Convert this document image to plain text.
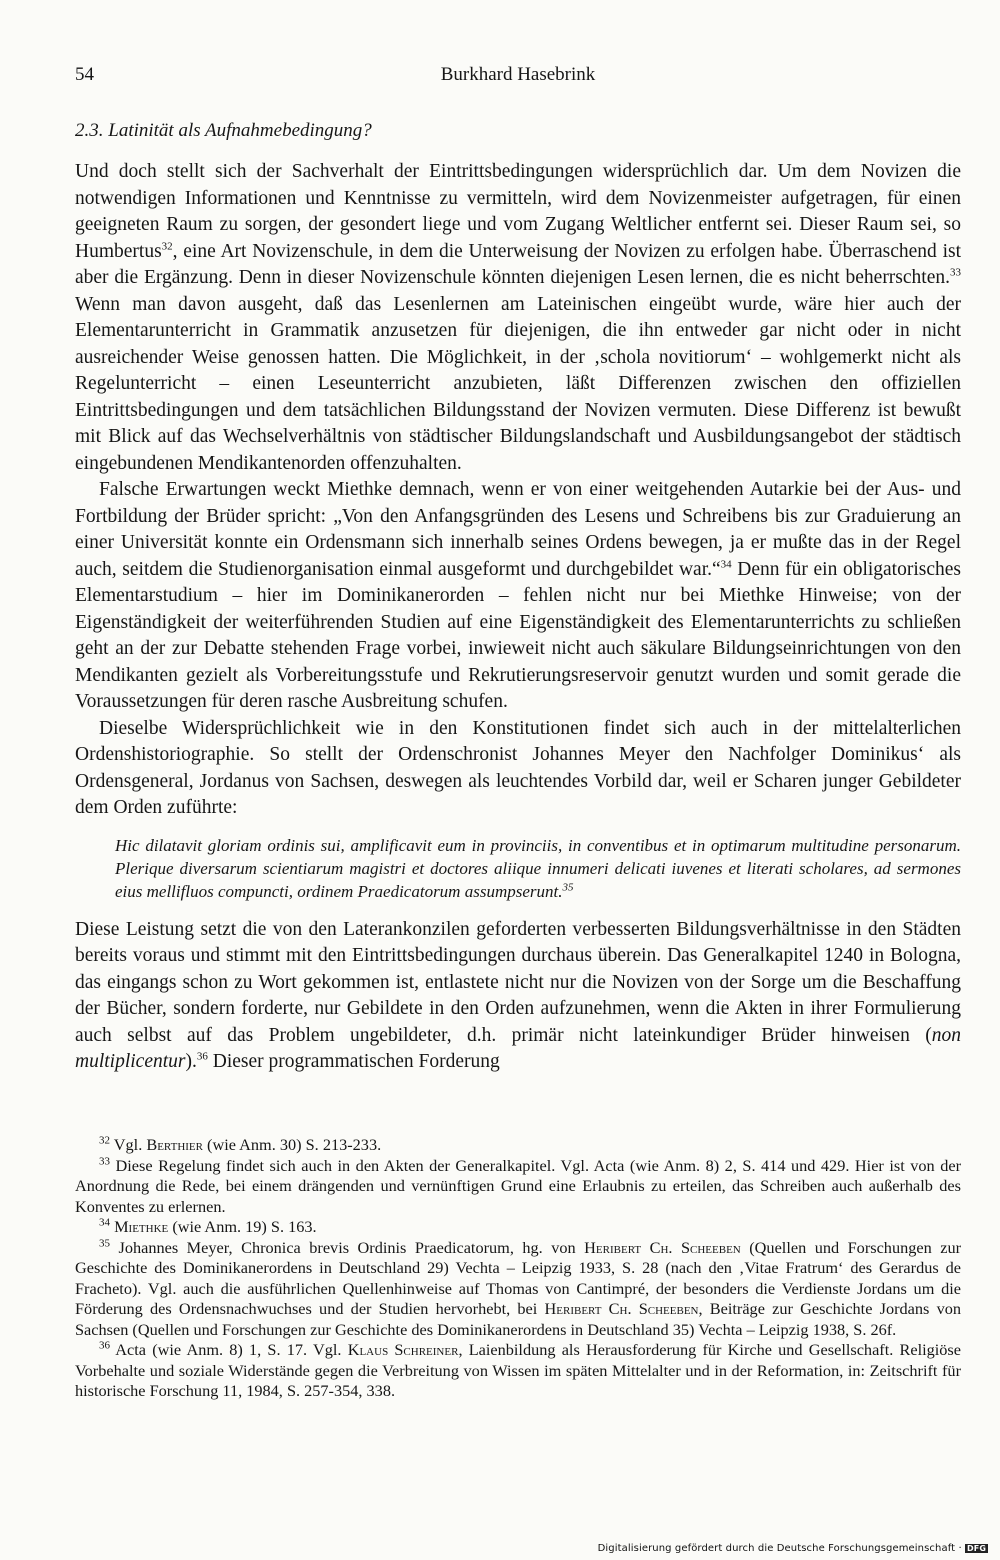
54	Burkhard Hasebrink
2.3. Latinität als Aufnahmebedingung?

Und doch stellt sich der Sachverhalt der Eintrittsbedingungen widersprüchlich dar. Um dem Novizen die notwendigen Informationen und Kenntnisse zu vermitteln, wird dem Novizenmeister aufgetragen, für einen geeigneten Raum zu sorgen, der gesondert liege und vom Zugang Weltlicher entfernt sei. Dieser Raum sei, so Humbertus$^{32}$, eine Art Novizenschule, in dem die Unterweisung der Novizen zu erfolgen habe. Überraschend ist aber die Ergänzung. Denn in dieser Novizenschule könnten diejenigen Lesen lernen, die es nicht beherrschten.$^{33}$ Wenn man davon ausgeht, daß das Lesenlernen am Lateinischen eingeübt wurde, wäre hier auch der Elementarunterricht in Grammatik anzusetzen für diejenigen, die ihn entweder gar nicht oder in nicht ausreichender Weise genossen hatten. Die Möglichkeit, in der ‚schola novitiorum‘ – wohlgemerkt nicht als Regelunterricht – einen Leseunterricht anzubieten, läßt Differenzen zwischen den offiziellen Eintrittsbedingungen und dem tatsächlichen Bildungsstand der Novizen vermuten. Diese Differenz ist bewußt mit Blick auf das Wechselverhältnis von städtischer Bildungslandschaft und Ausbildungsangebot der städtisch eingebundenen Mendikantenorden offenzuhalten.

Falsche Erwartungen weckt Miethke demnach, wenn er von einer weitgehenden Autarkie bei der Aus- und Fortbildung der Brüder spricht: „Von den Anfangsgründen des Lesens und Schreibens bis zur Graduierung an einer Universität konnte ein Ordensmann sich innerhalb seines Ordens bewegen, ja er mußte das in der Regel auch, seitdem die Studienorganisation einmal ausgeformt und durchgebildet war.“$^{34}$ Denn für ein obligatorisches Elementarstudium – hier im Dominikanerorden – fehlen nicht nur bei Miethke Hinweise; von der Eigenständigkeit der weiterführenden Studien auf eine Eigenständigkeit des Elementarunterrichts zu schließen geht an der zur Debatte stehenden Frage vorbei, inwieweit nicht auch säkulare Bildungseinrichtungen von den Mendikanten gezielt als Vorbereitungsstufe und Rekrutierungsreservoir genutzt wurden und somit gerade die Voraussetzungen für deren rasche Ausbreitung schufen.

Dieselbe Widersprüchlichkeit wie in den Konstitutionen findet sich auch in der mittelalterlichen Ordenshistoriographie. So stellt der Ordenschronist Johannes Meyer den Nachfolger Dominikus‘ als Ordensgeneral, Jordanus von Sachsen, deswegen als leuchtendes Vorbild dar, weil er Scharen junger Gebildeter dem Orden zuführte:

Hic dilatavit gloriam ordinis sui, amplificavit eum in provinciis, in conventibus et in optimarum multitudine personarum. Plerique diversarum scientiarum magistri et doctores aliique innumeri delicati iuvenes et literati scholares, ad sermones eius mellifluos compuncti, ordinem Praedicatorum assumpserunt.$^{35}$

Diese Leistung setzt die von den Laterankonzilen geforderten verbesserten Bildungsverhältnisse in den Städten bereits voraus und stimmt mit den Eintrittsbedingungen durchaus überein. Das Generalkapitel 1240 in Bologna, das eingangs schon zu Wort gekommen ist, entlastete nicht nur die Novizen von der Sorge um die Beschaffung der Bücher, sondern forderte, nur Gebildete in den Orden aufzunehmen, wenn die Akten in ihrer Formulierung auch selbst auf das Problem ungebildeter, d.h. primär nicht lateinkundiger Brüder hinweisen (non multiplicentur).$^{36}$ Dieser programmatischen Forderung

$^{32}$ Vgl. Berthier (wie Anm. 30) S. 213-233.

$^{33}$ Diese Regelung findet sich auch in den Akten der Generalkapitel. Vgl. Acta (wie Anm. 8) 2, S. 414 und 429. Hier ist von der Anordnung die Rede, bei einem drängenden und vernünftigen Grund eine Erlaubnis zu erteilen, das Schreiben auch außerhalb des Konventes zu erlernen.

$^{34}$ Miethke (wie Anm. 19) S. 163.

$^{35}$ Johannes Meyer, Chronica brevis Ordinis Praedicatorum, hg. von Heribert Ch. Scheeben (Quellen und Forschungen zur Geschichte des Dominikanerordens in Deutschland 29) Vechta – Leipzig 1933, S. 28 (nach den ‚Vitae Fratrum‘ des Gerardus de Fracheto). Vgl. auch die ausführlichen Quellenhinweise auf Thomas von Cantimpré, der besonders die Verdienste Jordans um die Förderung des Ordensnachwuchses und der Studien hervorhebt, bei Heribert Ch. Scheeben, Beiträge zur Geschichte Jordans von Sachsen (Quellen und Forschungen zur Geschichte des Dominikanerordens in Deutschland 35) Vechta – Leipzig 1938, S. 26f.

$^{36}$ Acta (wie Anm. 8) 1, S. 17. Vgl. Klaus Schreiner, Laienbildung als Herausforderung für Kirche und Gesellschaft. Religiöse Vorbehalte und soziale Widerstände gegen die Verbreitung von Wissen im späten Mittelalter und in der Reformation, in: Zeitschrift für historische Forschung 11, 1984, S. 257-354, 338.

Digitalisierung gefördert durch die Deutsche Forschungsgemeinschaft · DFG
